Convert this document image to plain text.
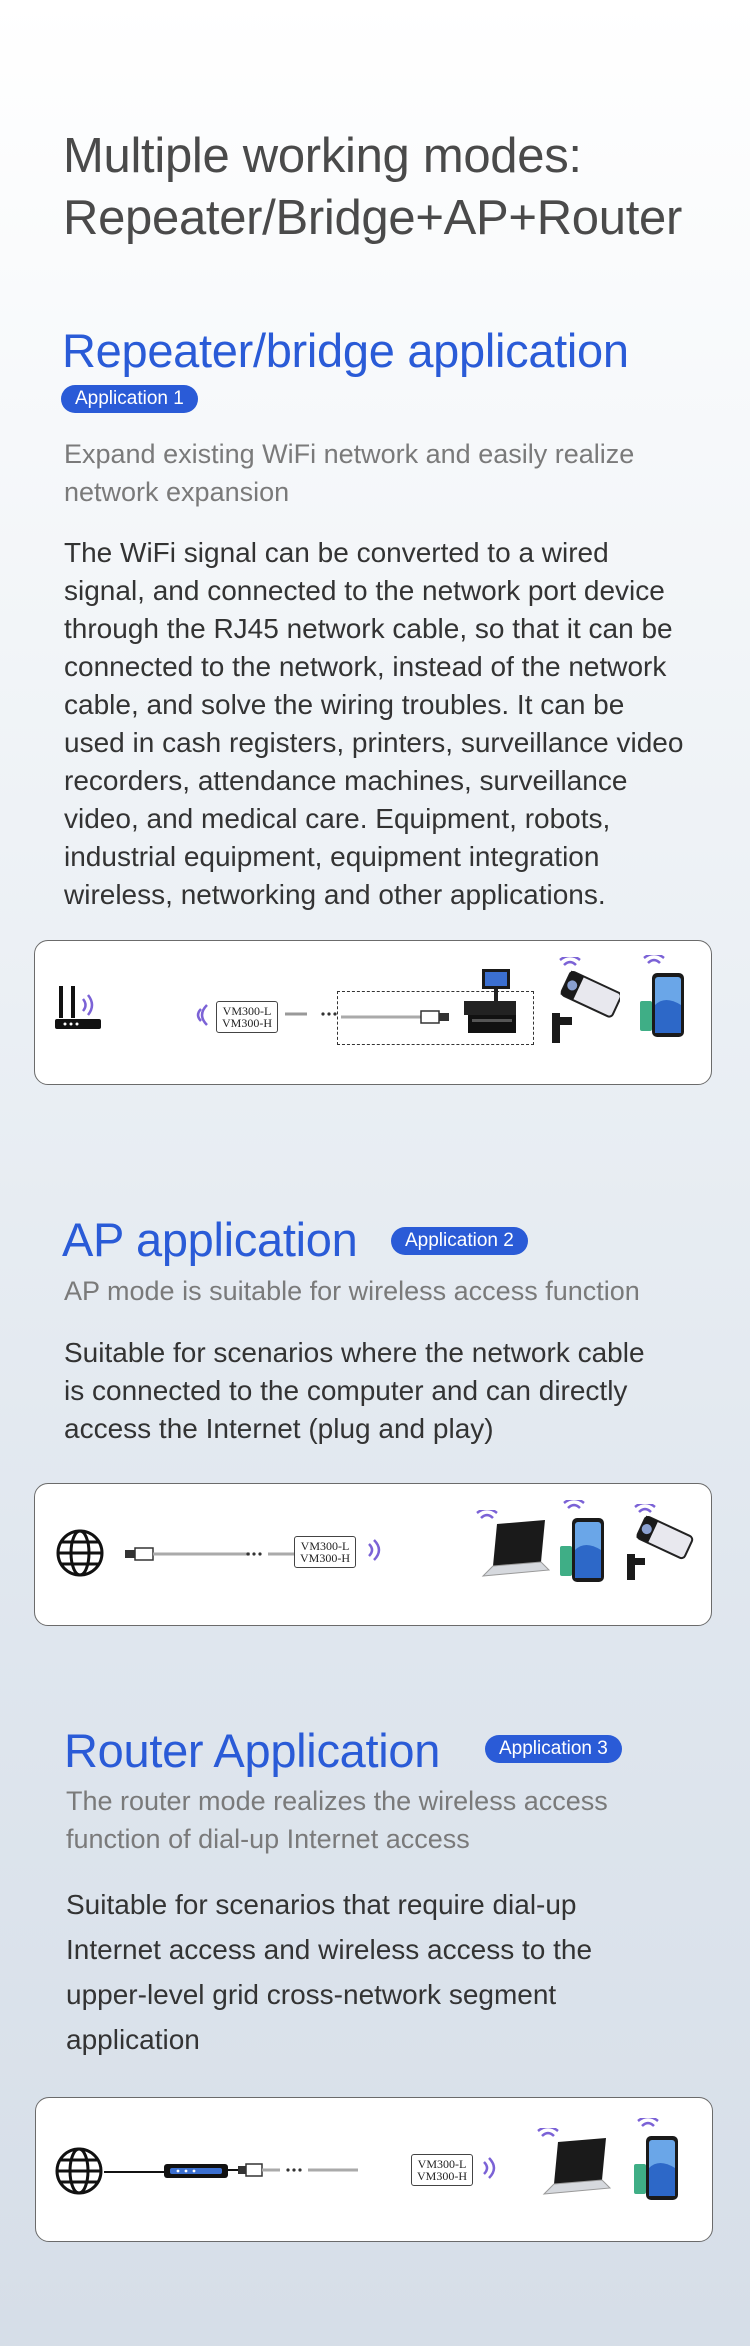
Multiple working modes:
Repeater/Bridge+AP+Router
Repeater/bridge application
Application 1
Expand existing WiFi network and easily realize
network expansion
The WiFi signal can be converted to a wired
signal, and connected to the network port device
through the RJ45 network cable, so that it can be
connected to the network, instead of the network
cable, and solve the wiring troubles. It can be
used in cash registers, printers, surveillance video
recorders, attendance machines, surveillance
video, and medical care. Equipment, robots,
industrial equipment, equipment integration
wireless, networking and other applications.
VM300-L
VM300-H
AP application	Application 2
AP mode is suitable for wireless access function
Suitable for scenarios where the network cable
is connected to the computer and can directly
access the Internet (plug and play)
VM300-L
VM300-H
Router Application	Application 3
The router mode realizes the wireless access
function of dial-up Internet access
Suitable for scenarios that require dial-up
Internet access and wireless access to the
upper-level grid cross-network segment
application
VM300-L
VM300-H
